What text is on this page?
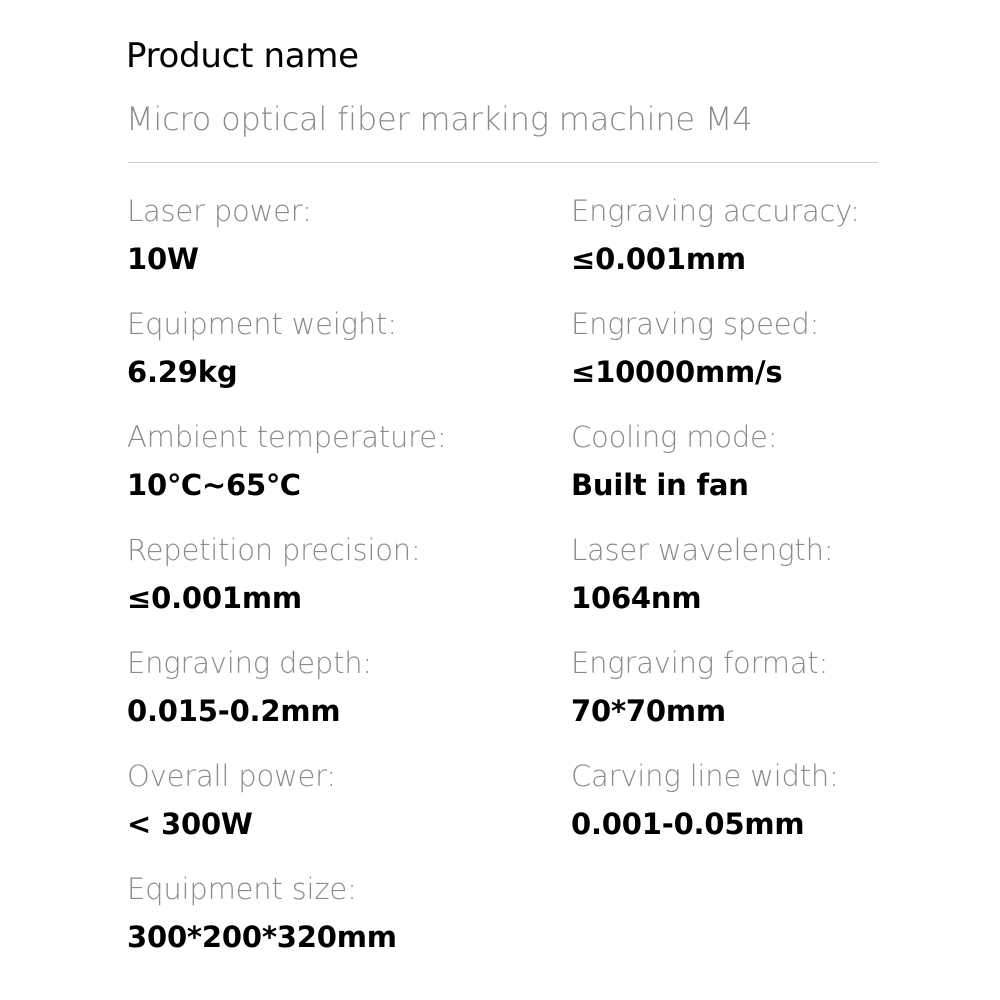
Product name
Micro optical fiber marking machine M4
Laser power:
10W
Engraving accuracy:
≤0.001mm
Equipment weight:
6.29kg
Engraving speed:
≤10000mm/s
Ambient temperature:
10℃~65℃
Cooling mode:
Built in fan
Repetition precision:
≤0.001mm
Laser wavelength:
1064nm
Engraving depth:
0.015-0.2mm
Engraving format:
70*70mm
Overall power:
< 300W
Carving line width:
0.001-0.05mm
Equipment size:
300*200*320mm
